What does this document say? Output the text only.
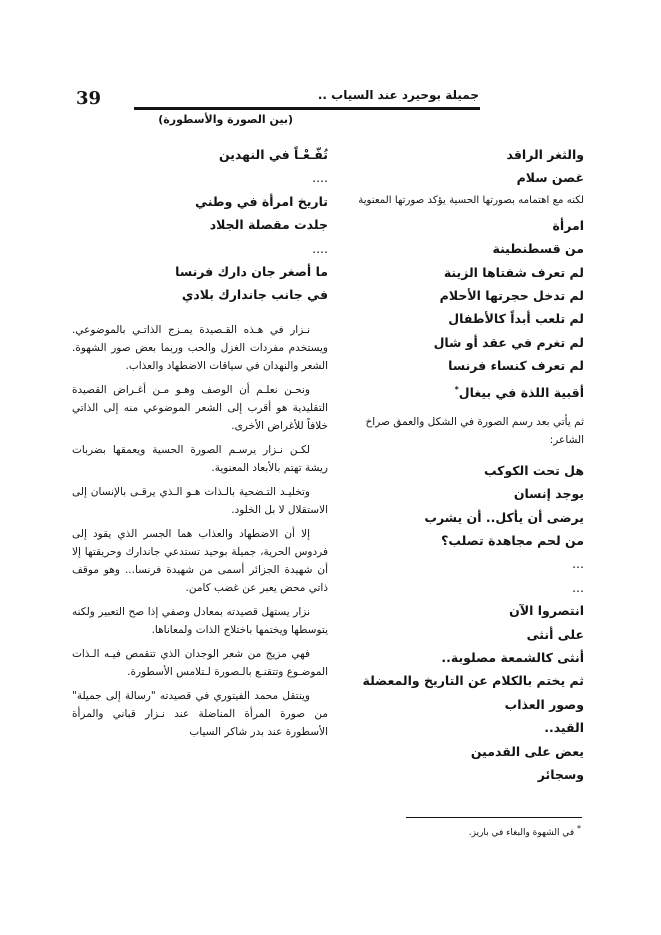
39	جميلة بوحيرد عند السياب ..
(بين الصورة والأسطورة)
والثغر الراقد
غصن سلام
لكنه مع اهتمامه بصورتها الحسية يؤكد صورتها المعنوية
امرأة
من قسطنطينة
لم تعرف شفتاها الزينة
لم تدخل حجرتها الأحلام
لم تلعب أبداً كالأطفال
لم تغرم في عقد أو شال
لم تعرف كنساء فرنسا
أقبية اللذة في بيغال*
ثم يأتي بعد رسم الصورة في الشكل والعمق صراخ الشاعر:
هل تحت الكوكب
يوجد إنسان
يرضى أن يأكل.. أن يشرب
من لحم مجاهدة تصلب؟
...
...
انتصروا الآن
على أنثى
أنثى كالشمعة مصلوبة..
ثم يختم بالكلام عن التاريخ والمعضلة
وصور العذاب
القيد..
يعض على القدمين
وسجائر
تُفّـعْـاً في النهدين
....
تاريخ امرأة في وطني
جلدت مقصلة الجلاد
....
ما أصغر جان دارك فرنسا
في جانب جاندارك بلادي

نـزار في هـذه القـصيدة يمـزج الذاتـي بالموضوعي. ويستخدم مفردات الغزل والحب وربما بعض صور الشهوة. الشعر والنهدان في سياقات الاضطهاد والعذاب.

ونحـن نعلـم أن الوصف وهـو مـن أغـراض القصيدة التقليدية هو أقرب إلى الشعر الموضوعي منه إلى الذاتي خلافاً للأغراض الأخرى.

لكـن نـزار يرسـم الصورة الحسية ويعمقها بضربات ريشة تهتم بالأبعاد المعنوية.

وتخليـد التـضحية بالـذات هـو الـذي يرقـى بالإنسان إلى الاستقلال لا بل الخلود.

إلا أن الاضطهاد والعذاب هما الجسر الذي يقود إلى فردوس الحرية، جميلة بوحيد تستدعي جاندارك وحريقتها إلا أن شهيدة الجزائر أسمى من شهيدة فرنسا... وهو موقف ذاتي محض يعبر عن غضب كامن.

نزار يستهل قصيدته بمعادل وصفي إذا صح التعبير ولكنه يتوسطها ويختمها باختلاج الذات ولمعاناها.

فهي مزيج من شعر الوجدان الذي تتقمص فيـه الـذات الموضـوع وتتقنـع بالـصورة لـتلامس الأسطورة.

وينتقل محمد الفيتوري في قصيدته "رسالة إلى جميلة" من صورة المرأة المناضلة عند نـزار قباني والمرأة الأسطورة عند بدر شاكر السياب

* في الشهوة والبغاء في باريز.
